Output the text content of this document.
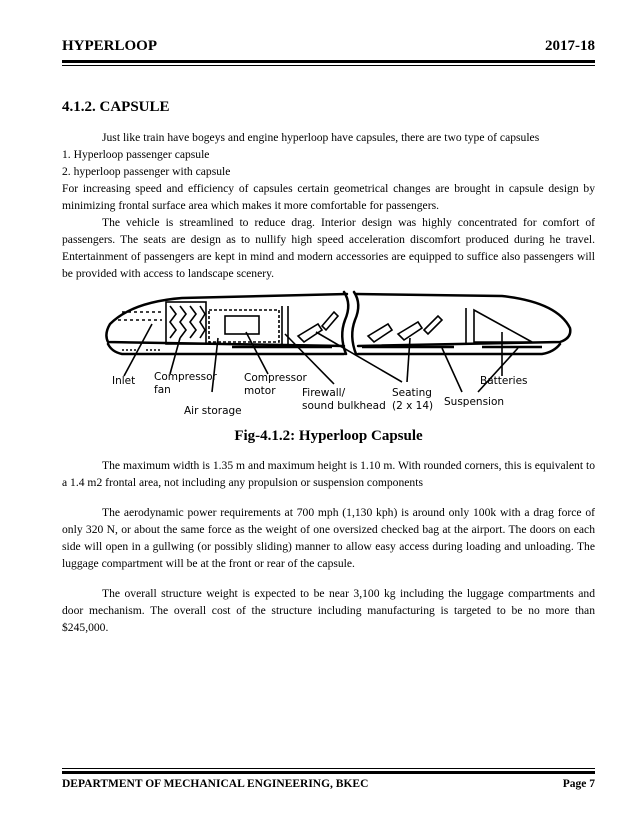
HYPERLOOP	2017-18
4.1.2. CAPSULE

Just like train have bogeys and engine hyperloop have capsules, there are two type of capsules

1. Hyperloop passenger capsule

2. hyperloop passenger with capsule

For increasing speed and efficiency of capsules certain geometrical changes are brought in capsule design by minimizing frontal surface area which makes it more comfortable for passengers.

The vehicle is streamlined to reduce drag. Interior design was highly concentrated for comfort of passengers. The seats are design as to nullify high speed acceleration discomfort produced during he travel. Entertainment of passengers are kept in mind and modern accessories are equipped to suffice also passengers will be provided with access to landscape scenery.

Inlet Compressor
fan
Air storage
Compressor
motor	Firewall/
sound bulkhead
Seating
(2 x 14) Suspension
Batteries

Fig-4.1.2: Hyperloop Capsule

The maximum width is 1.35 m and maximum height is 1.10 m. With rounded corners, this is equivalent to a 1.4 m2 frontal area, not including any propulsion or suspension components

The aerodynamic power requirements at 700 mph (1,130 kph) is around only 100k with a drag force of only 320 N, or about the same force as the weight of one oversized checked bag at the airport. The doors on each side will open in a gullwing (or possibly sliding) manner to allow easy access during loading and unloading. The luggage compartment will be at the front or rear of the capsule.

The overall structure weight is expected to be near 3,100 kg including the luggage compartments and door mechanism. The overall cost of the structure including manufacturing is targeted to be no more than $245,000.

DEPARTMENT OF MECHANICAL ENGINEERING, BKEC	Page 7
